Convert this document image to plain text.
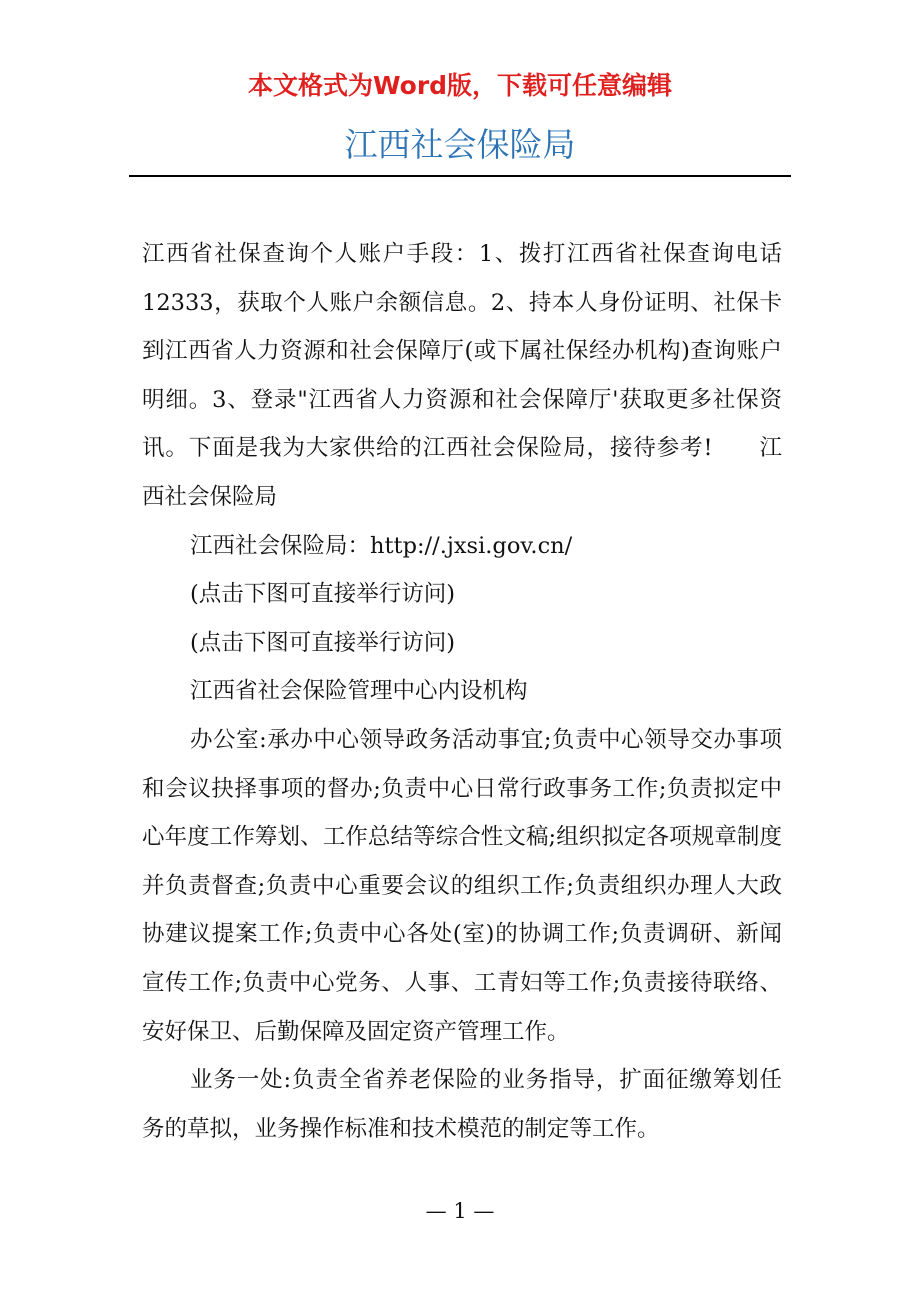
本文格式为Word版，下载可任意编辑
江西社会保险局

江西省社保查询个人账户手段：1、拨打江西省社保查询电话12333，获取个人账户余额信息。2、持本人身份证明、社保卡到江西省人力资源和社会保障厅(或下属社保经办机构)查询账户明细。3、登录"江西省人力资源和社会保障厅'获取更多社保资讯。下面是我为大家供给的江西社会保险局，接待参考! 江西社会保险局

江西社会保险局：http://.jxsi.gov.cn/

(点击下图可直接举行访问)

(点击下图可直接举行访问)

江西省社会保险管理中心内设机构

办公室:承办中心领导政务活动事宜;负责中心领导交办事项和会议抉择事项的督办;负责中心日常行政事务工作;负责拟定中心年度工作筹划、工作总结等综合性文稿;组织拟定各项规章制度并负责督查;负责中心重要会议的组织工作;负责组织办理人大政协建议提案工作;负责中心各处(室)的协调工作;负责调研、新闻宣传工作;负责中心党务、人事、工青妇等工作;负责接待联络、安好保卫、后勤保障及固定资产管理工作。

业务一处:负责全省养老保险的业务指导，扩面征缴筹划任务的草拟，业务操作标准和技术模范的制定等工作。

— 1 —
